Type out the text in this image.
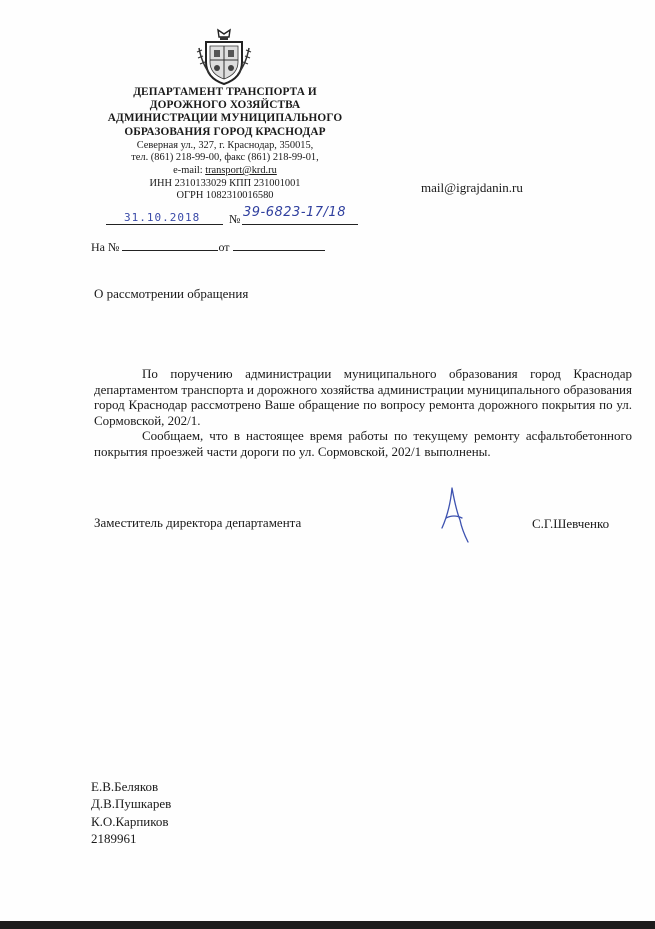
ДЕПАРТАМЕНТ ТРАНСПОРТА И
ДОРОЖНОГО ХОЗЯЙСТВА
АДМИНИСТРАЦИИ МУНИЦИПАЛЬНОГО
ОБРАЗОВАНИЯ ГОРОД КРАСНОДАР
Северная ул., 327, г. Краснодар, 350015,
тел. (861) 218-99-00, факс (861) 218-99-01,
e-mail: transport@krd.ru
ИНН 2310133029 КПП 231001001
ОГРН 1082310016580
mail@igrajdanin.ru
31.10.2018 № 39-6823-17/18
На №	от
О рассмотрении обращения

По поручению администрации муниципального образования город Краснодар департаментом транспорта и дорожного хозяйства администрации муниципального образования город Краснодар рассмотрено Ваше обращение по вопросу ремонта дорожного покрытия по ул. Сормовской, 202/1.

Сообщаем, что в настоящее время работы по текущему ремонту асфальтобетонного покрытия проезжей части дороги по ул. Сормовской, 202/1 выполнены.

Заместитель директора департамента	С.Г.Шевченко
Е.В.Беляков
Д.В.Пушкарев
К.О.Карпиков
2189961
